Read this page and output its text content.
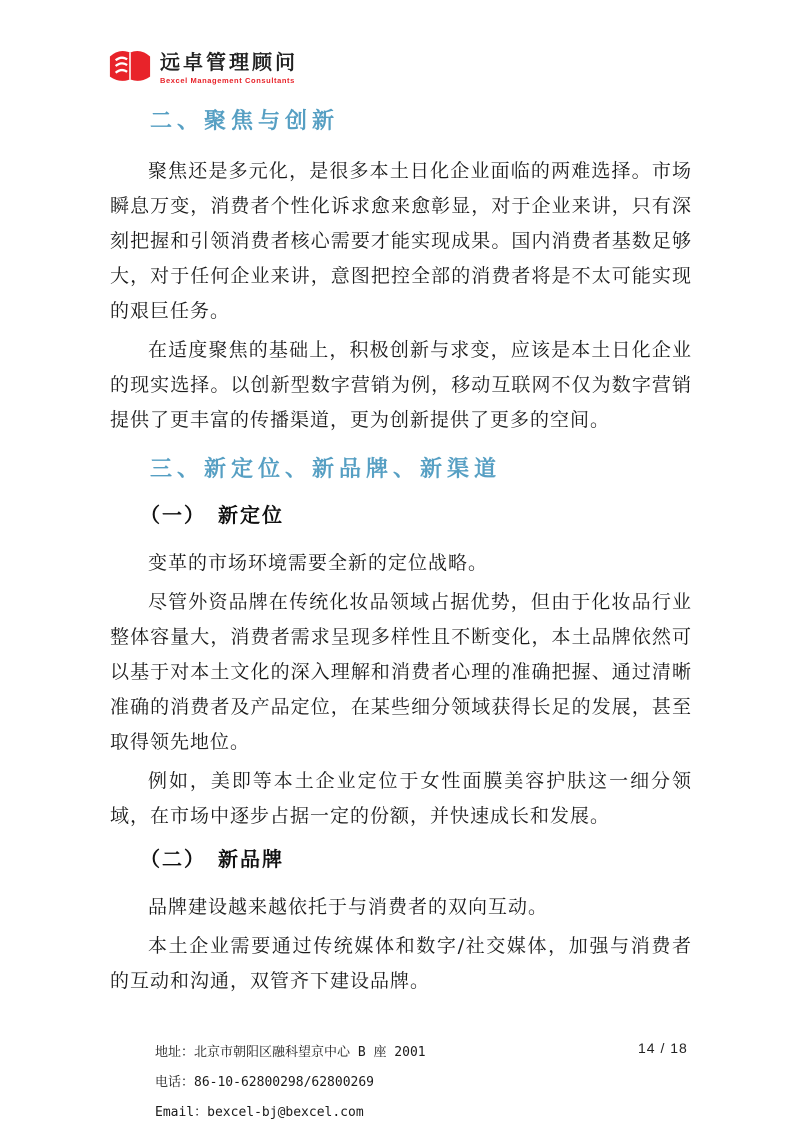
远卓管理顾问
Bexcel Management Consultants
二、聚焦与创新

聚焦还是多元化，是很多本土日化企业面临的两难选择。市场瞬息万变，消费者个性化诉求愈来愈彰显，对于企业来讲，只有深刻把握和引领消费者核心需要才能实现成果。国内消费者基数足够大，对于任何企业来讲，意图把控全部的消费者将是不太可能实现的艰巨任务。

在适度聚焦的基础上，积极创新与求变，应该是本土日化企业的现实选择。以创新型数字营销为例，移动互联网不仅为数字营销提供了更丰富的传播渠道，更为创新提供了更多的空间。

三、新定位、新品牌、新渠道
（一）　新定位

变革的市场环境需要全新的定位战略。

尽管外资品牌在传统化妆品领域占据优势，但由于化妆品行业整体容量大，消费者需求呈现多样性且不断变化，本土品牌依然可以基于对本土文化的深入理解和消费者心理的准确把握、通过清晰准确的消费者及产品定位，在某些细分领域获得长足的发展，甚至取得领先地位。

例如，美即等本土企业定位于女性面膜美容护肤这一细分领域，在市场中逐步占据一定的份额，并快速成长和发展。

（二）　新品牌

品牌建设越来越依托于与消费者的双向互动。

本土企业需要通过传统媒体和数字/社交媒体，加强与消费者的互动和沟通，双管齐下建设品牌。

地址：北京市朝阳区融科望京中心 B 座 2001
电话：86-10-62800298/62800269
Email：bexcel-bj@bexcel.com
14 / 18
